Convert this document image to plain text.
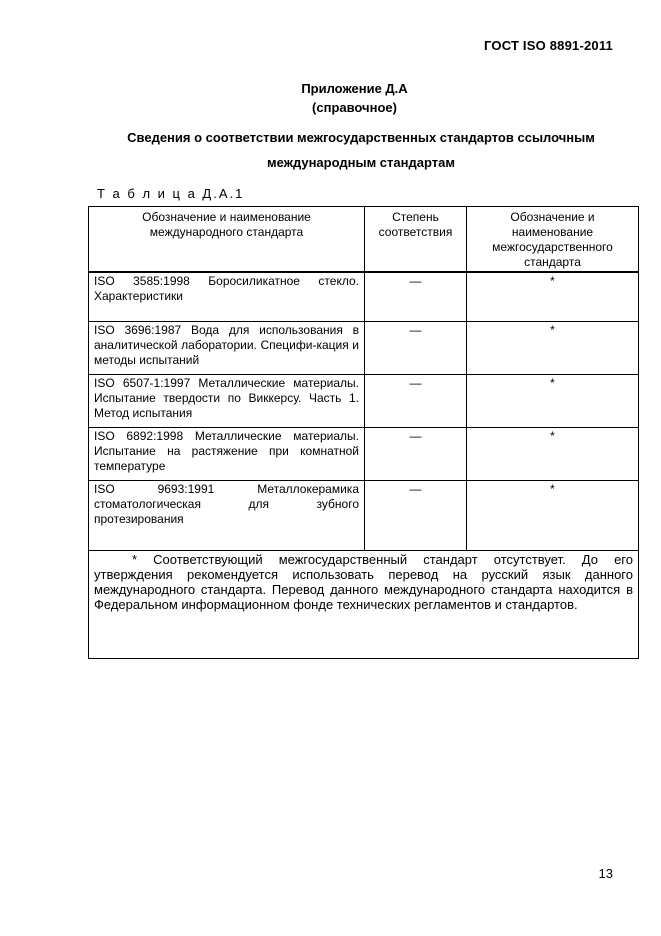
ГОСТ ISO 8891-2011
Приложение Д.А
(справочное)
Сведения о соответствии межгосударственных стандартов ссылочным международным стандартам
Т а б л и ц а Д.А.1
Обозначение и наименование международного стандарта	Степень соответствия	Обозначение и наименование межгосударственного стандарта
ISO 3585:1998 Боросиликатное стекло. Характеристики	—	*
ISO 3696:1987 Вода для использования в аналитической лаборатории. Специфи-кация и методы испытаний	—	*
ISO 6507-1:1997 Металлические материалы. Испытание твердости по Виккерсу. Часть 1. Метод испытания	—	*
ISO 6892:1998 Металлические материалы. Испытание на растяжение при комнатной температуре	—	*
ISO 9693:1991 Металлокерамика стоматологическая для зубного протезирования	—	*
* Соответствующий межгосударственный стандарт отсутствует. До его утверждения рекомендуется использовать перевод на русский язык данного международного стандарта. Перевод данного международного стандарта находится в Федеральном информационном фонде технических регламентов и стандартов.		
13
